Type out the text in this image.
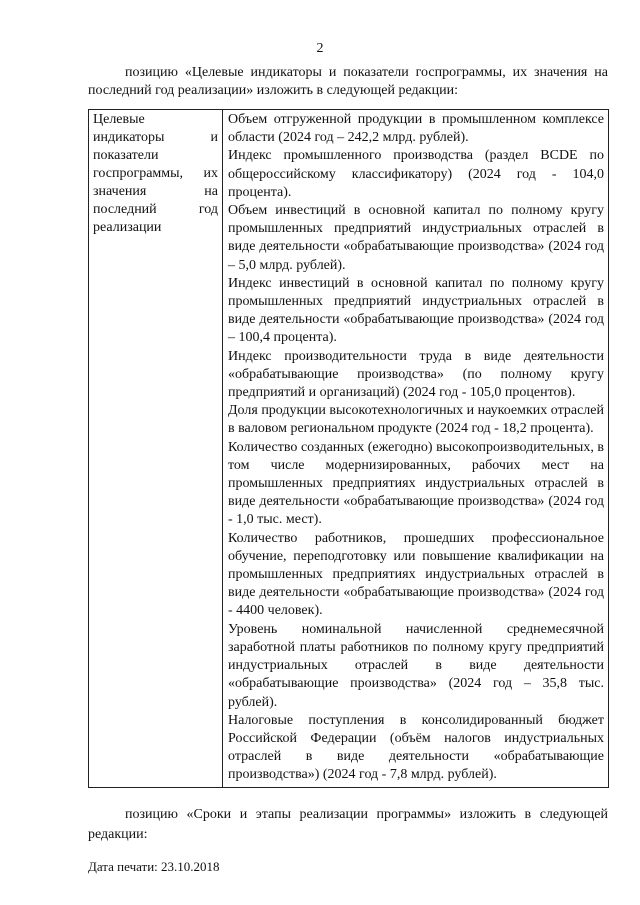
2

позицию «Целевые индикаторы и показатели госпрограммы, их значения на последний год реализации» изложить в следующей редакции:

Целевые
индикаторы и
показатели
госпрограммы, их
значения на
последний год
реализации

Объем отгруженной продукции в промышленном комплексе области (2024 год – 242,2 млрд. рублей).

Индекс промышленного производства (раздел BCDE по общероссийскому классификатору) (2024 год - 104,0 процента).

Объем инвестиций в основной капитал по полному кругу промышленных предприятий индустриальных отраслей в виде деятельности «обрабатывающие производства» (2024 год – 5,0 млрд. рублей).

Индекс инвестиций в основной капитал по полному кругу промышленных предприятий индустриальных отраслей в виде деятельности «обрабатывающие производства» (2024 год – 100,4 процента).

Индекс производительности труда в виде деятельности «обрабатывающие производства» (по полному кругу предприятий и организаций) (2024 год - 105,0 процентов).

Доля продукции высокотехнологичных и наукоемких отраслей в валовом региональном продукте (2024 год - 18,2 процента).

Количество созданных (ежегодно) высокопроизводительных, в том числе модернизированных, рабочих мест на промышленных предприятиях индустриальных отраслей в виде деятельности «обрабатывающие производства» (2024 год - 1,0 тыс. мест).

Количество работников, прошедших профессиональное обучение, переподготовку или повышение квалификации на промышленных предприятиях индустриальных отраслей в виде деятельности «обрабатывающие производства» (2024 год - 4400 человек).

Уровень номинальной начисленной среднемесячной заработной платы работников по полному кругу предприятий индустриальных отраслей в виде деятельности «обрабатывающие производства» (2024 год – 35,8 тыс. рублей).

Налоговые поступления в консолидированный бюджет Российской Федерации (объём налогов индустриальных отраслей в виде деятельности «обрабатывающие производства») (2024 год - 7,8 млрд. рублей).

позицию «Сроки и этапы реализации программы» изложить в следующей редакции:

Дата печати: 23.10.2018
